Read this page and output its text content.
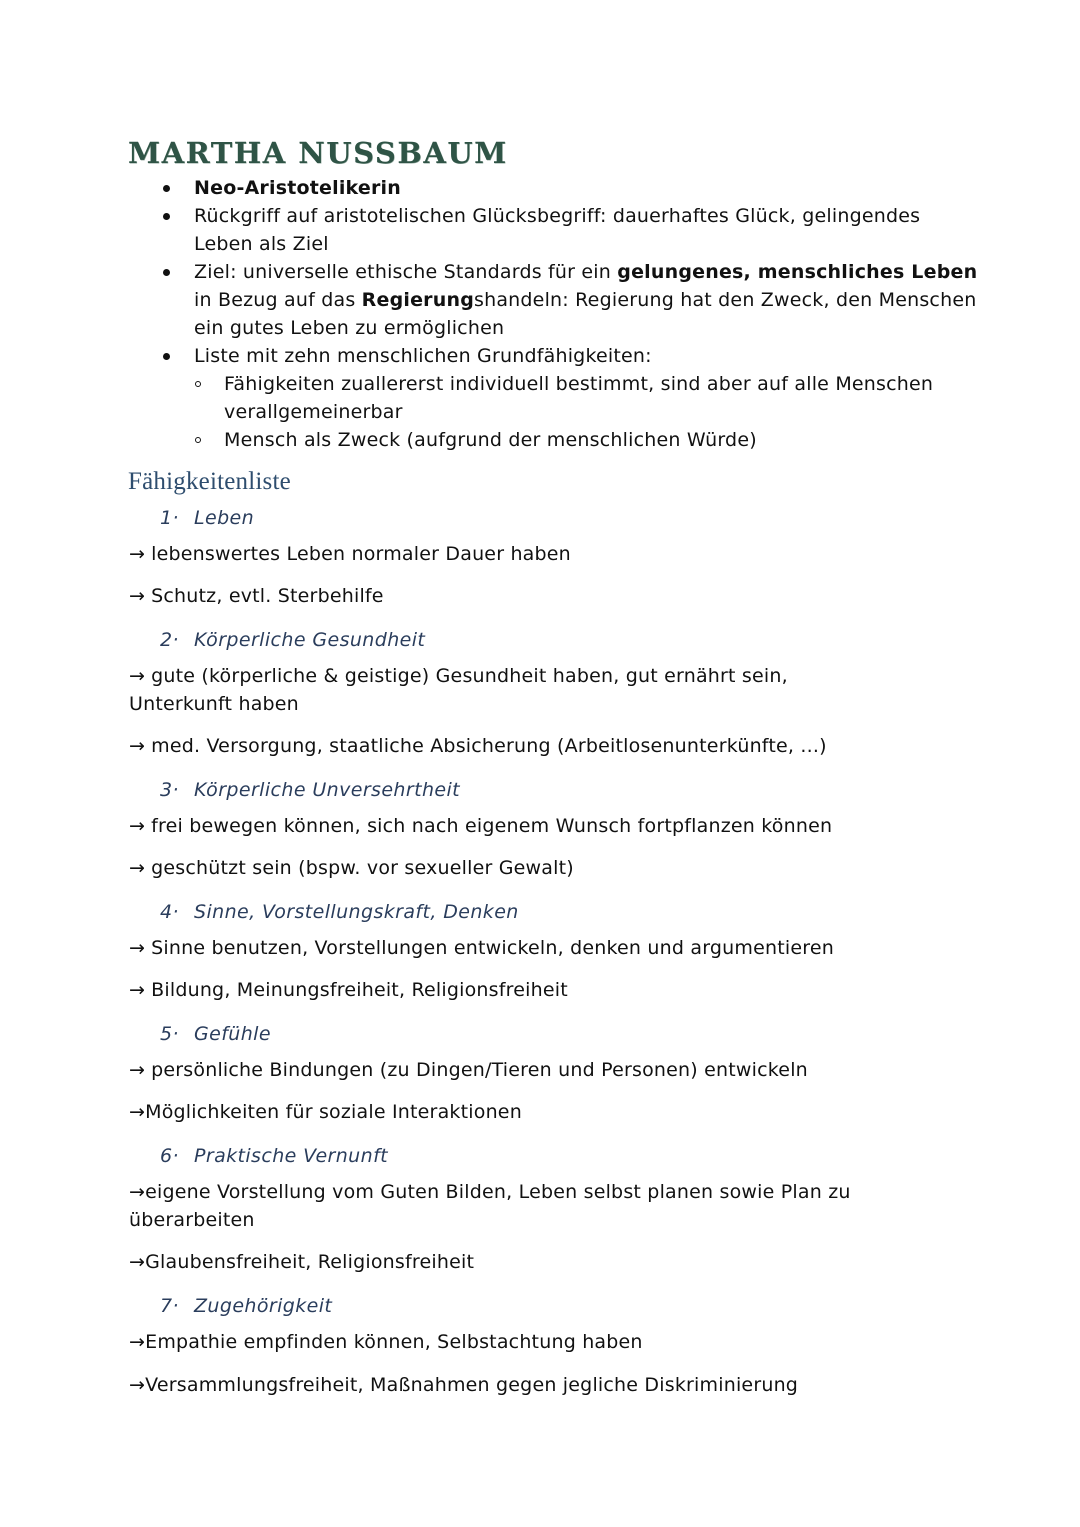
MARTHA NUSSBAUM
Neo-Aristotelikerin
Rückgriff auf aristotelischen Glücksbegriff: dauerhaftes Glück, gelingendes Leben als Ziel
Ziel: universelle ethische Standards für ein gelungenes, menschliches Leben in Bezug auf das Regierungshandeln: Regierung hat den Zweck, den Menschen ein gutes Leben zu ermöglichen
Liste mit zehn menschlichen Grundfähigkeiten:
Fähigkeiten zuallererst individuell bestimmt, sind aber auf alle Menschen verallgemeinerbar
Mensch als Zweck (aufgrund der menschlichen Würde)
Fähigkeitenliste
1· Leben
→ lebenswertes Leben normaler Dauer haben
→ Schutz, evtl. Sterbehilfe
2· Körperliche Gesundheit
→ gute (körperliche & geistige) Gesundheit haben, gut ernährt sein, Unterkunft haben
→ med. Versorgung, staatliche Absicherung (Arbeitlosenunterkünfte, ...)
3· Körperliche Unversehrtheit
→ frei bewegen können, sich nach eigenem Wunsch fortpflanzen können
→ geschützt sein (bspw. vor sexueller Gewalt)
4· Sinne, Vorstellungskraft, Denken
→ Sinne benutzen, Vorstellungen entwickeln, denken und argumentieren
→ Bildung, Meinungsfreiheit, Religionsfreiheit
5· Gefühle
→ persönliche Bindungen (zu Dingen/Tieren und Personen) entwickeln
→Möglichkeiten für soziale Interaktionen
6· Praktische Vernunft
→eigene Vorstellung vom Guten Bilden, Leben selbst planen sowie Plan zu
überarbeiten
→Glaubensfreiheit, Religionsfreiheit
7· Zugehörigkeit
→Empathie empfinden können, Selbstachtung haben
→Versammlungsfreiheit, Maßnahmen gegen jegliche Diskriminierung
